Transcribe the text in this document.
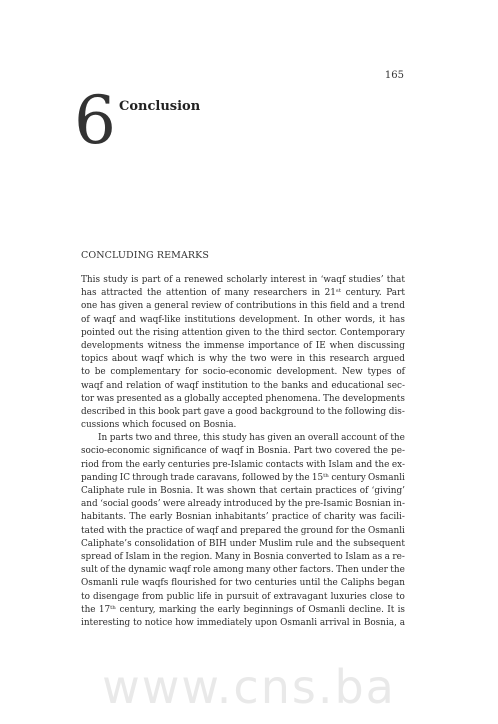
165
6 Conclusion
CONCLUDING REMARKS
This study is part of a renewed scholarly interest in ‘waqf studies’ that
has attracted the attention of many researchers in 21ˢᵗ century. Part
one has given a general review of contributions in this field and a trend
of waqf and waqf-like institutions development. In other words, it has
pointed out the rising attention given to the third sector. Contemporary
developments witness the immense importance of IE when discussing
topics about waqf which is why the two were in this research argued
to be complementary for socio-economic development. New types of
waqf and relation of waqf institution to the banks and educational sec-
tor was presented as a globally accepted phenomena. The developments
described in this book part gave a good background to the following dis-
cussions which focused on Bosnia.
In parts two and three, this study has given an overall account of the
socio-economic significance of waqf in Bosnia. Part two covered the pe-
riod from the early centuries pre-Islamic contacts with Islam and the ex-
panding IC through trade caravans, followed by the 15ᵗʰ century Osmanli
Caliphate rule in Bosnia. It was shown that certain practices of ‘giving’
and ‘social goods’ were already introduced by the pre-Isamic Bosnian in-
habitants. The early Bosnian inhabitants’ practice of charity was facili-
tated with the practice of waqf and prepared the ground for the Osmanli
Caliphate’s consolidation of BIH under Muslim rule and the subsequent
spread of Islam in the region. Many in Bosnia converted to Islam as a re-
sult of the dynamic waqf role among many other factors. Then under the
Osmanli rule waqfs flourished for two centuries until the Caliphs began
to disengage from public life in pursuit of extravagant luxuries close to
the 17ᵗʰ century, marking the early beginnings of Osmanli decline. It is
interesting to notice how immediately upon Osmanli arrival in Bosnia, a
www.cns.ba
